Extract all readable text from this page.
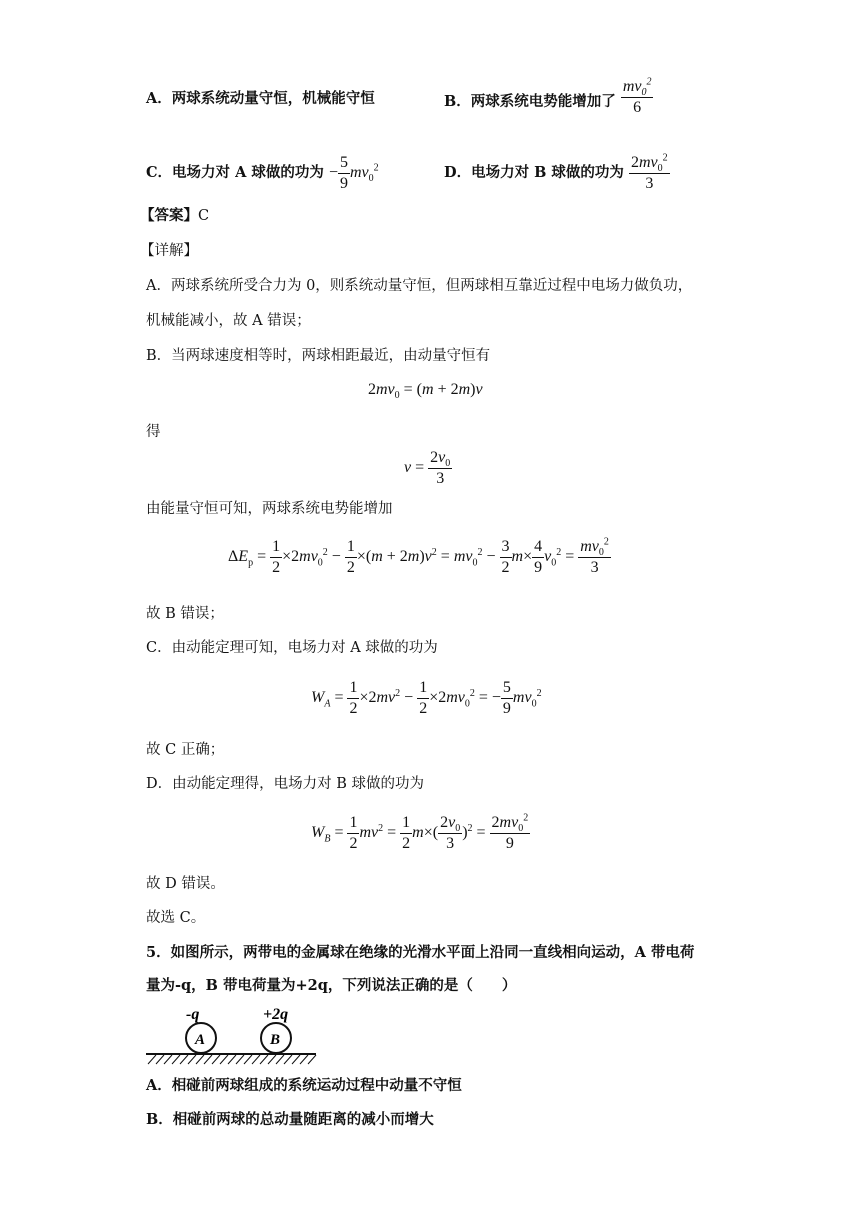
A．两球系统动量守恒，机械能守恒	B．两球系统电势能增加了 $\frac{mv_0^2}{6}$
C．电场力对 A 球做的功为 − $\frac{5}{9} mv_0^2$	D．电场力对 B 球做的功为 $\frac{2mv_0^2}{3}$
【答案】C
【详解】
A．两球系统所受合力为 0，则系统动量守恒，但两球相互靠近过程中电场力做负功，
机械能减小，故 A 错误；
B．当两球速度相等时，两球相距最近，由动量守恒有
$2mv_0 = (m + 2m)v$
得
$v = \frac{2v_0}{3}$
由能量守恒可知，两球系统电势能增加
$\Delta E_p = \frac{1}{2} \times 2mv_0^2 - \frac{1}{2} \times(m + 2m)v^2 = mv_0^2 - \frac{3}{2} m\times \frac{4}{9} v_0^2 = \frac{mv_0^2}{3}$
故 B 错误；
C．由动能定理可知，电场力对 A 球做的功为
$W_A = \frac{1}{2} \times 2mv^2 - \frac{1}{2} \times 2mv_0^2$ = − $\frac{5}{9} mv_0^2$
故 C 正确；
D．由动能定理得，电场力对 B 球做的功为
$W_B = \frac{1}{2} mv^2 = \frac{1}{2} m\times( \frac{2v_0}{3} )^2 = \frac{2mv_0^2}{9}$
故 D 错误。
故选 C。
5．如图所示，两带电的金属球在绝缘的光滑水平面上沿同一直线相向运动，A 带电荷
量为-q，B 带电荷量为+2q，下列说法正确的是（　　）
-q	+2q
A	B
A．相碰前两球组成的系统运动过程中动量不守恒
B．相碰前两球的总动量随距离的减小而增大
